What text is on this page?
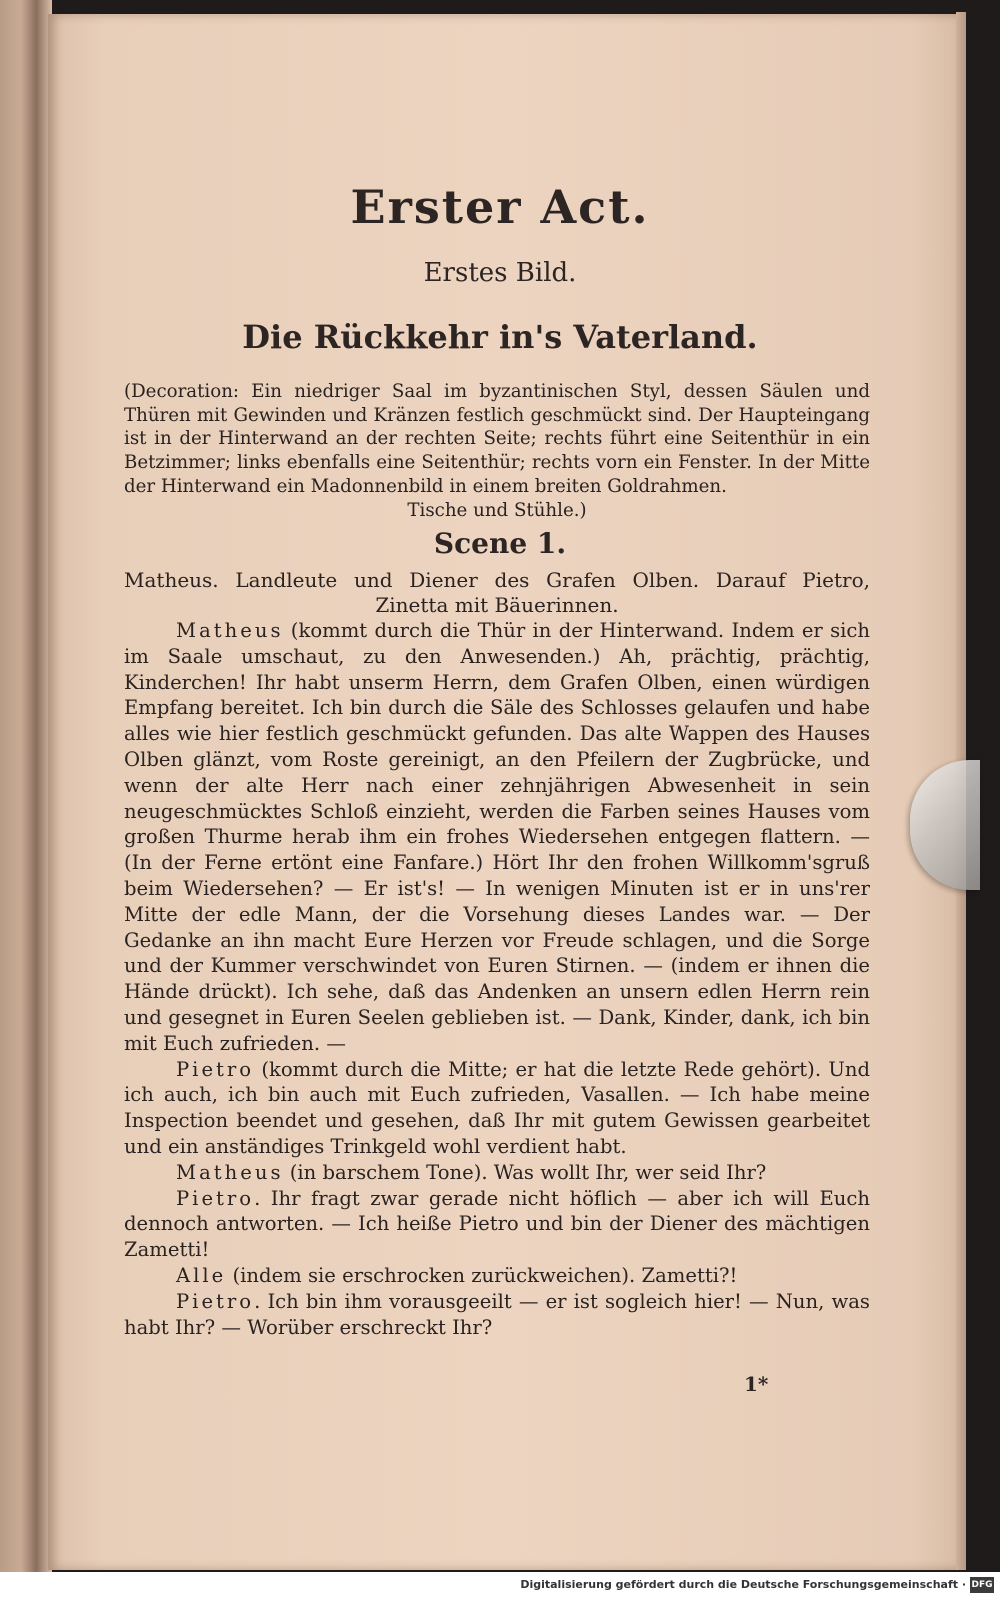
Erster Act.
Erstes Bild.
Die Rückkehr in's Vaterland.
(Decoration: Ein niedriger Saal im byzantinischen Styl, dessen Säulen und Thüren mit Gewinden und Kränzen festlich geschmückt sind. Der Haupteingang ist in der Hinterwand an der rechten Seite; rechts führt eine Seitenthür in ein Betzimmer; links ebenfalls eine Seitenthür; rechts vorn ein Fenster. In der Mitte der Hinterwand ein Madonnenbild in einem breiten Goldrahmen.
Tische und Stühle.)
Scene 1.
Matheus. Landleute und Diener des Grafen Olben. Darauf Pietro,
Zinetta mit Bäuerinnen.

Matheus (kommt durch die Thür in der Hinterwand. Indem er sich im Saale umschaut, zu den Anwesenden.) Ah, prächtig, prächtig, Kinderchen! Ihr habt unserm Herrn, dem Grafen Olben, einen würdigen Empfang bereitet. Ich bin durch die Säle des Schlosses gelaufen und habe alles wie hier festlich geschmückt gefunden. Das alte Wappen des Hauses Olben glänzt, vom Roste gereinigt, an den Pfeilern der Zugbrücke, und wenn der alte Herr nach einer zehnjährigen Abwesenheit in sein neugeschmücktes Schloß einzieht, werden die Farben seines Hauses vom großen Thurme herab ihm ein frohes Wiedersehen entgegen flattern. — (In der Ferne ertönt eine Fanfare.) Hört Ihr den frohen Willkomm'sgruß beim Wiedersehen? — Er ist's! — In wenigen Minuten ist er in uns'rer Mitte der edle Mann, der die Vorsehung dieses Landes war. — Der Gedanke an ihn macht Eure Herzen vor Freude schlagen, und die Sorge und der Kummer verschwindet von Euren Stirnen. — (indem er ihnen die Hände drückt). Ich sehe, daß das Andenken an unsern edlen Herrn rein und gesegnet in Euren Seelen geblieben ist. — Dank, Kinder, dank, ich bin mit Euch zufrieden. —

Pietro (kommt durch die Mitte; er hat die letzte Rede gehört). Und ich auch, ich bin auch mit Euch zufrieden, Vasallen. — Ich habe meine Inspection beendet und gesehen, daß Ihr mit gutem Gewissen gearbeitet und ein anständiges Trinkgeld wohl verdient habt.

Matheus (in barschem Tone). Was wollt Ihr, wer seid Ihr?

Pietro. Ihr fragt zwar gerade nicht höflich — aber ich will Euch dennoch antworten. — Ich heiße Pietro und bin der Diener des mächtigen Zametti!

Alle (indem sie erschrocken zurückweichen). Zametti?!

Pietro. Ich bin ihm vorausgeeilt — er ist sogleich hier! — Nun, was habt Ihr? — Worüber erschreckt Ihr?

1*
Digitalisierung gefördert durch die Deutsche Forschungsgemeinschaft · DFG
